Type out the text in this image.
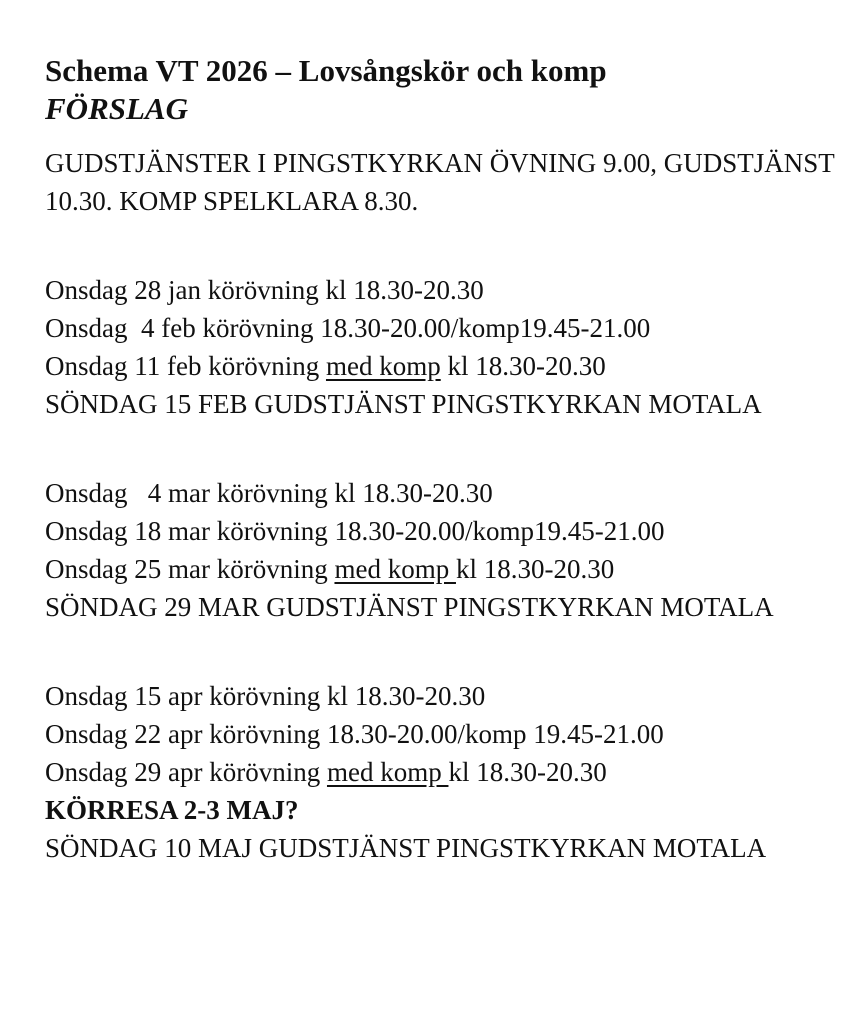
Schema VT 2026 – Lovsångskör och komp

FÖRSLAG

GUDSTJÄNSTER I PINGSTKYRKAN ÖVNING 9.00, GUDSTJÄNST 10.30. KOMP SPELKLARA 8.30.

Onsdag 28 jan körövning kl 18.30-20.30
Onsdag  4 feb körövning 18.30-20.00/komp19.45-21.00
Onsdag 11 feb körövning med komp kl 18.30-20.30
SÖNDAG 15 FEB GUDSTJÄNST PINGSTKYRKAN MOTALA
Onsdag   4 mar körövning kl 18.30-20.30
Onsdag 18 mar körövning 18.30-20.00/komp19.45-21.00
Onsdag 25 mar körövning med komp kl 18.30-20.30
SÖNDAG 29 MAR GUDSTJÄNST PINGSTKYRKAN MOTALA
Onsdag 15 apr körövning kl 18.30-20.30
Onsdag 22 apr körövning 18.30-20.00/komp 19.45-21.00
Onsdag 29 apr körövning med komp kl 18.30-20.30
KÖRRESA 2-3 MAJ?
SÖNDAG 10 MAJ GUDSTJÄNST PINGSTKYRKAN MOTALA
